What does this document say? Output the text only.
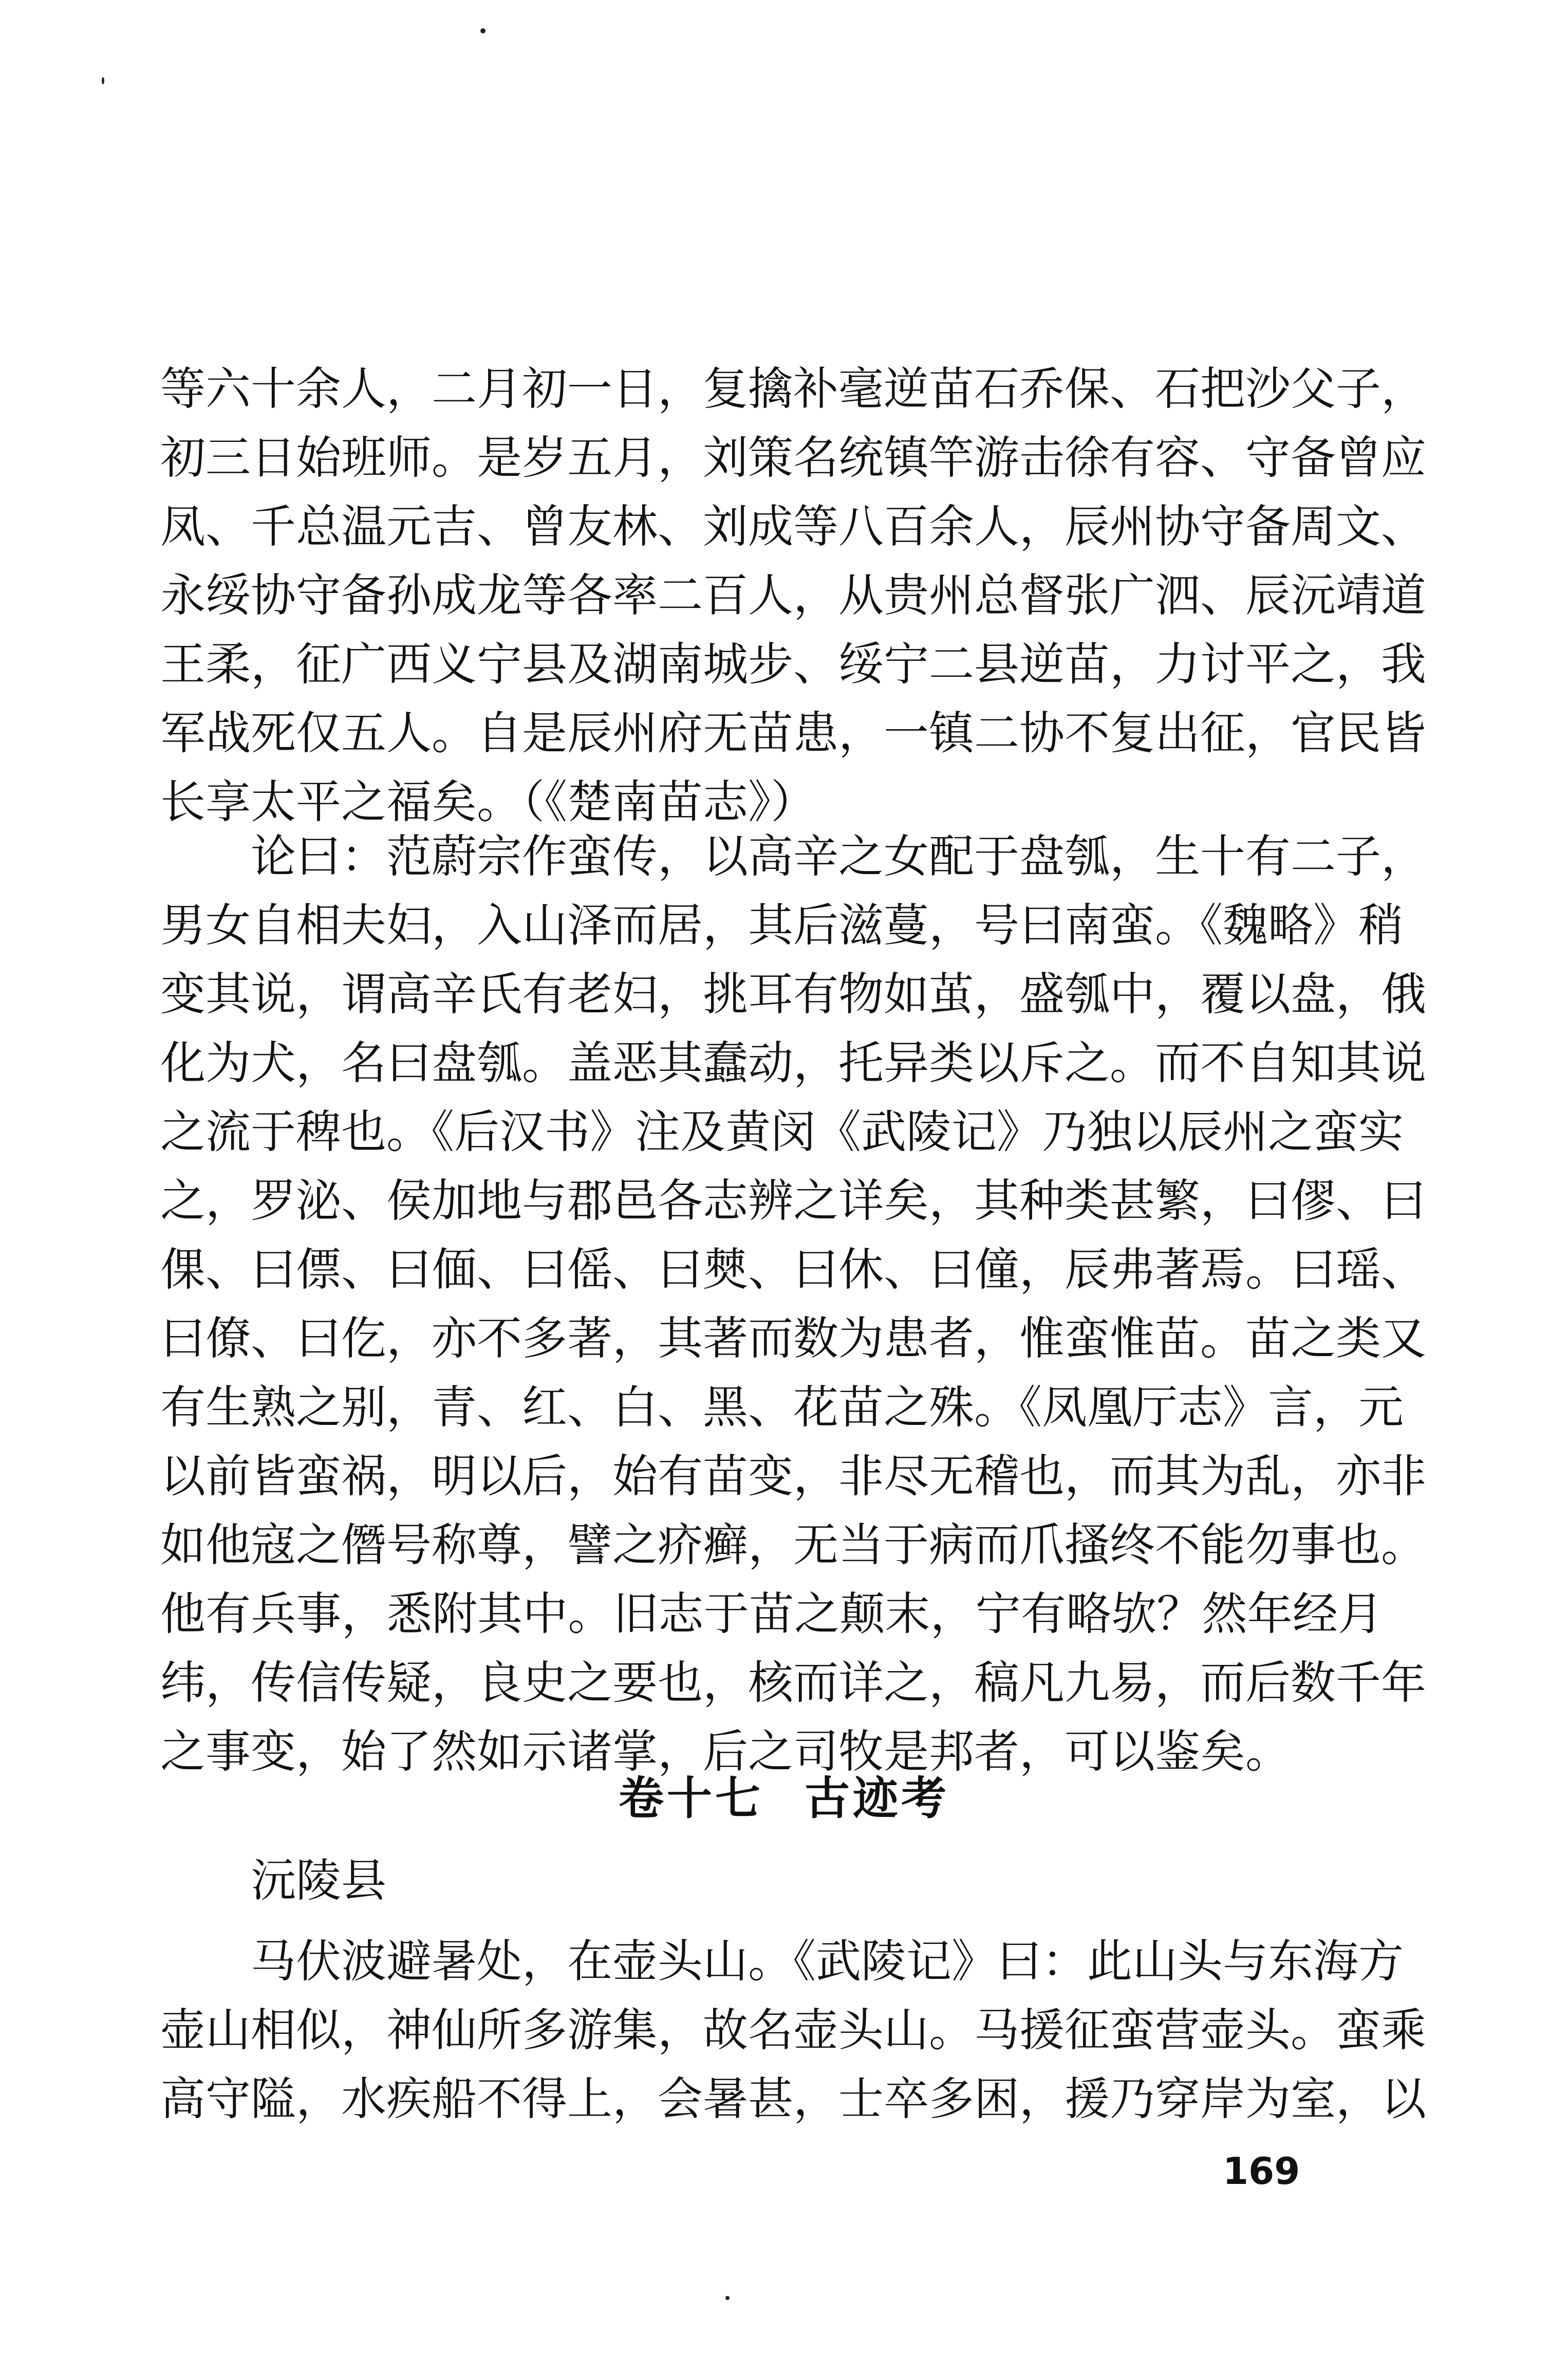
等六十余人，二月初一日，复擒补毫逆苗石乔保、石把沙父子，
初三日始班师。是岁五月，刘策名统镇竿游击徐有容、守备曾应
凤、千总温元吉、曾友林、刘成等八百余人，辰州协守备周文、
永绥协守备孙成龙等各率二百人，从贵州总督张广泗、辰沅靖道
王柔，征广西义宁县及湖南城步、绥宁二县逆苗，力讨平之，我
军战死仅五人。自是辰州府无苗患，一镇二协不复出征，官民皆
长享太平之福矣。（《楚南苗志》）
论曰：范蔚宗作蛮传，以高辛之女配于盘瓠，生十有二子，
男女自相夫妇，入山泽而居，其后滋蔓，号曰南蛮。《魏略》稍
变其说，谓高辛氏有老妇，挑耳有物如茧，盛瓠中，覆以盘，俄
化为犬，名曰盘瓠。盖恶其蠢动，托异类以斥之。而不自知其说
之流于稗也。《后汉书》注及黄闵《武陵记》乃独以辰州之蛮实
之，罗泌、侯加地与郡邑各志辨之详矣，其种类甚繁，曰僇、曰
倮、曰僄、曰偭、曰傜、曰僰、曰休、曰僮，辰弗著焉。曰瑶、
曰僚、曰仡，亦不多著，其著而数为患者，惟蛮惟苗。苗之类又
有生熟之别，青、红、白、黑、花苗之殊。《凤凰厅志》言，元
以前皆蛮祸，明以后，始有苗变，非尽无稽也，而其为乱，亦非
如他寇之僭号称尊，譬之疥癣，无当于病而爪搔终不能勿事也。
他有兵事，悉附其中。旧志于苗之颠末，宁有略欤？然年经月
纬，传信传疑，良史之要也，核而详之，稿凡九易，而后数千年
之事变，始了然如示诸掌，后之司牧是邦者，可以鉴矣。
卷十七 古迹考
沅陵县
马伏波避暑处，在壶头山。《武陵记》曰：此山头与东海方
壶山相似，神仙所多游集，故名壶头山。马援征蛮营壶头。蛮乘
高守隘，水疾船不得上，会暑甚，士卒多困，援乃穿岸为室，以
169
